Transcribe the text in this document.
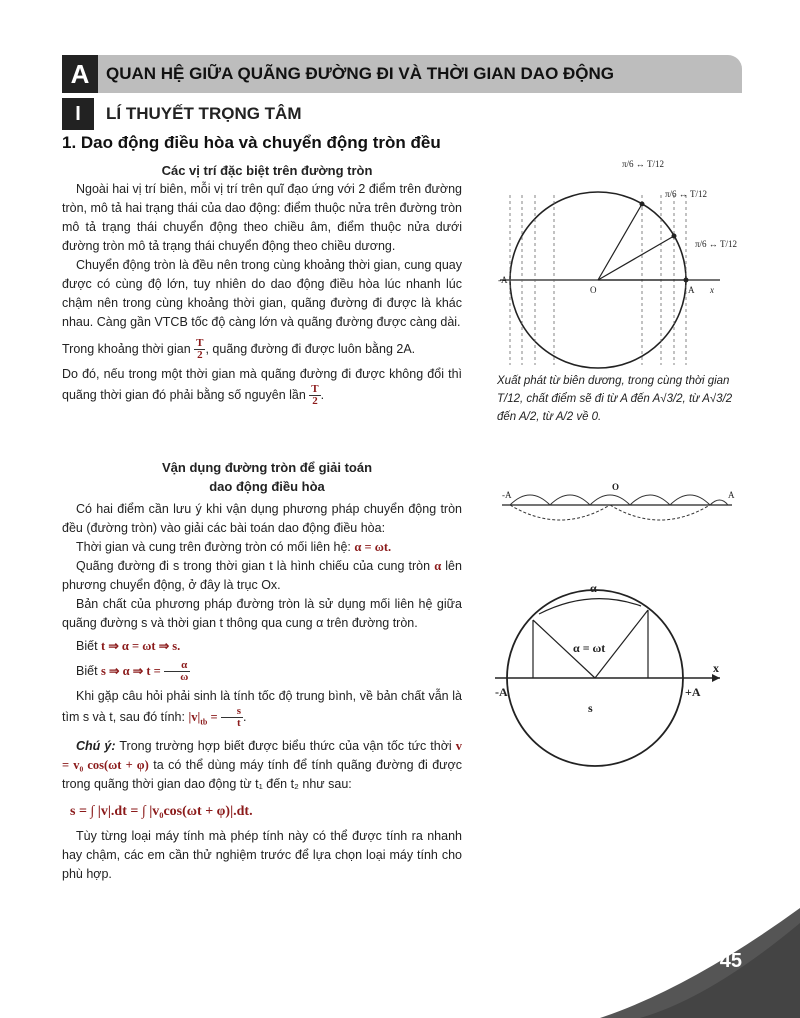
A QUAN HỆ GIỮA QUÃNG ĐƯỜNG ĐI VÀ THỜI GIAN DAO ĐỘNG
I	LÍ THUYẾT TRỌNG TÂM
1. Dao động điều hòa và chuyển động tròn đều
Các vị trí đặc biệt trên đường tròn

Ngoài hai vị trí biên, mỗi vị trí trên quĩ đạo ứng với 2 điểm trên đường tròn, mô tả hai trạng thái của dao động: điểm thuộc nửa trên đường tròn mô tả trạng thái chuyển động theo chiều âm, điểm thuộc nửa dưới đường tròn mô tả trạng thái chuyển động theo chiều dương.

Chuyển động tròn là đều nên trong cùng khoảng thời gian, cung quay được có cùng độ lớn, tuy nhiên do dao động điều hòa lúc nhanh lúc chậm nên trong cùng khoảng thời gian, quãng đường đi được là khác nhau. Càng gần VTCB tốc độ càng lớn và quãng đường được càng dài.

Trong khoảng thời gian $\frac{T}{2}$ , quãng đường đi được luôn bằng 2A.

Do đó, nếu trong một thời gian mà quãng đường đi được không đổi thì quãng thời gian đó phải bằng số nguyên lần $\frac{T}{2}$ .

Vận dụng đường tròn để giải toán
dao động điều hòa

Có hai điểm cần lưu ý khi vận dụng phương pháp chuyển động tròn đều (đường tròn) vào giải các bài toán dao động điều hòa:

Thời gian và cung trên đường tròn có mối liên hệ: α = ωt.

Quãng đường đi s trong thời gian t là hình chiếu của cung tròn α lên phương chuyển động, ở đây là trục Ox.

Bản chất của phương pháp đường tròn là sử dụng mối liên hệ giữa quãng đường s và thời gian t thông qua cung α trên đường tròn.

Biết t ⇒ α = ωt ⇒ s.

Biết s ⇒ α ⇒ $t = \frac{\alpha}{\omega}$

Khi gặp câu hỏi phải sinh là tính tốc độ trung bình, về bản chất vẫn là tìm s và t, sau đó tính: $|v|_{tb} = \frac{s}{t}$ .

Chú ý: Trong trường hợp biết được biểu thức của vận tốc tức thời v = v₀ cos(ωt + φ) ta có thể dùng máy tính để tính quãng đường đi được trong quãng thời gian dao động từ t₁ đến t₂ như sau:

s = ∫ |v|.dt = ∫ |v₀cos(ωt + φ)|.dt.

Tùy từng loại máy tính mà phép tính này có thể được tính ra nhanh hay chậm, các em cần thử nghiệm trước để lựa chọn loại máy tính cho phù hợp.

O
-A
A x
π/6 ↔ T/12
π/6 ↔ T/12
π/6 ↔ T/12
Xuất phát từ biên dương, trong cùng thời gian T/12, chất điểm sẽ đi từ A đến A√3/2, từ A√3/2 đến A/2, từ A/2 về 0.
-A	A
O
α
α = ωt
-A	+A
x
s
45
